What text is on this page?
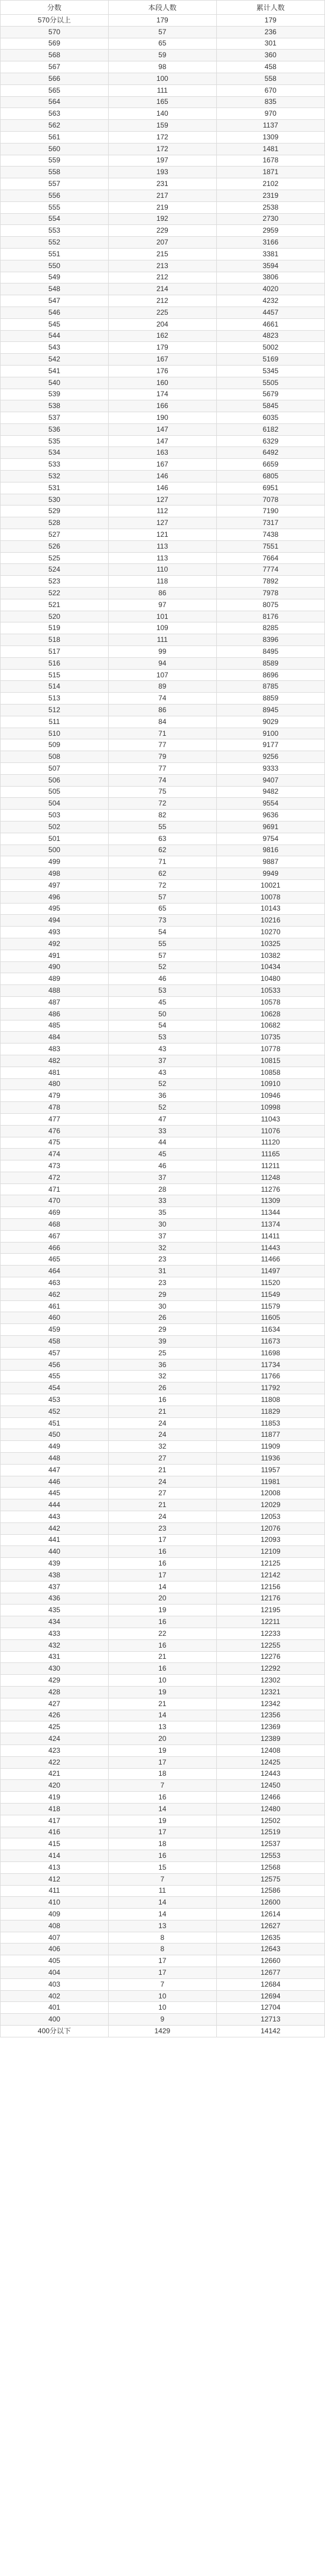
分数	本段人数	累计人数
570分以上	179	179
570	57	236
569	65	301
568	59	360
567	98	458
566	100	558
565	111	670
564	165	835
563	140	970
562	159	1137
561	172	1309
560	172	1481
559	197	1678
558	193	1871
557	231	2102
556	217	2319
555	219	2538
554	192	2730
553	229	2959
552	207	3166
551	215	3381
550	213	3594
549	212	3806
548	214	4020
547	212	4232
546	225	4457
545	204	4661
544	162	4823
543	179	5002
542	167	5169
541	176	5345
540	160	5505
539	174	5679
538	166	5845
537	190	6035
536	147	6182
535	147	6329
534	163	6492
533	167	6659
532	146	6805
531	146	6951
530	127	7078
529	112	7190
528	127	7317
527	121	7438
526	113	7551
525	113	7664
524	110	7774
523	118	7892
522	86	7978
521	97	8075
520	101	8176
519	109	8285
518	111	8396
517	99	8495
516	94	8589
515	107	8696
514	89	8785
513	74	8859
512	86	8945
511	84	9029
510	71	9100
509	77	9177
508	79	9256
507	77	9333
506	74	9407
505	75	9482
504	72	9554
503	82	9636
502	55	9691
501	63	9754
500	62	9816
499	71	9887
498	62	9949
497	72	10021
496	57	10078
495	65	10143
494	73	10216
493	54	10270
492	55	10325
491	57	10382
490	52	10434
489	46	10480
488	53	10533
487	45	10578
486	50	10628
485	54	10682
484	53	10735
483	43	10778
482	37	10815
481	43	10858
480	52	10910
479	36	10946
478	52	10998
477	47	11043
476	33	11076
475	44	11120
474	45	11165
473	46	11211
472	37	11248
471	28	11276
470	33	11309
469	35	11344
468	30	11374
467	37	11411
466	32	11443
465	23	11466
464	31	11497
463	23	11520
462	29	11549
461	30	11579
460	26	11605
459	29	11634
458	39	11673
457	25	11698
456	36	11734
455	32	11766
454	26	11792
453	16	11808
452	21	11829
451	24	11853
450	24	11877
449	32	11909
448	27	11936
447	21	11957
446	24	11981
445	27	12008
444	21	12029
443	24	12053
442	23	12076
441	17	12093
440	16	12109
439	16	12125
438	17	12142
437	14	12156
436	20	12176
435	19	12195
434	16	12211
433	22	12233
432	16	12255
431	21	12276
430	16	12292
429	10	12302
428	19	12321
427	21	12342
426	14	12356
425	13	12369
424	20	12389
423	19	12408
422	17	12425
421	18	12443
420	7	12450
419	16	12466
418	14	12480
417	19	12502
416	17	12519
415	18	12537
414	16	12553
413	15	12568
412	7	12575
411	11	12586
410	14	12600
409	14	12614
408	13	12627
407	8	12635
406	8	12643
405	17	12660
404	17	12677
403	7	12684
402	10	12694
401	10	12704
400	9	12713
400分以下	1429	14142
